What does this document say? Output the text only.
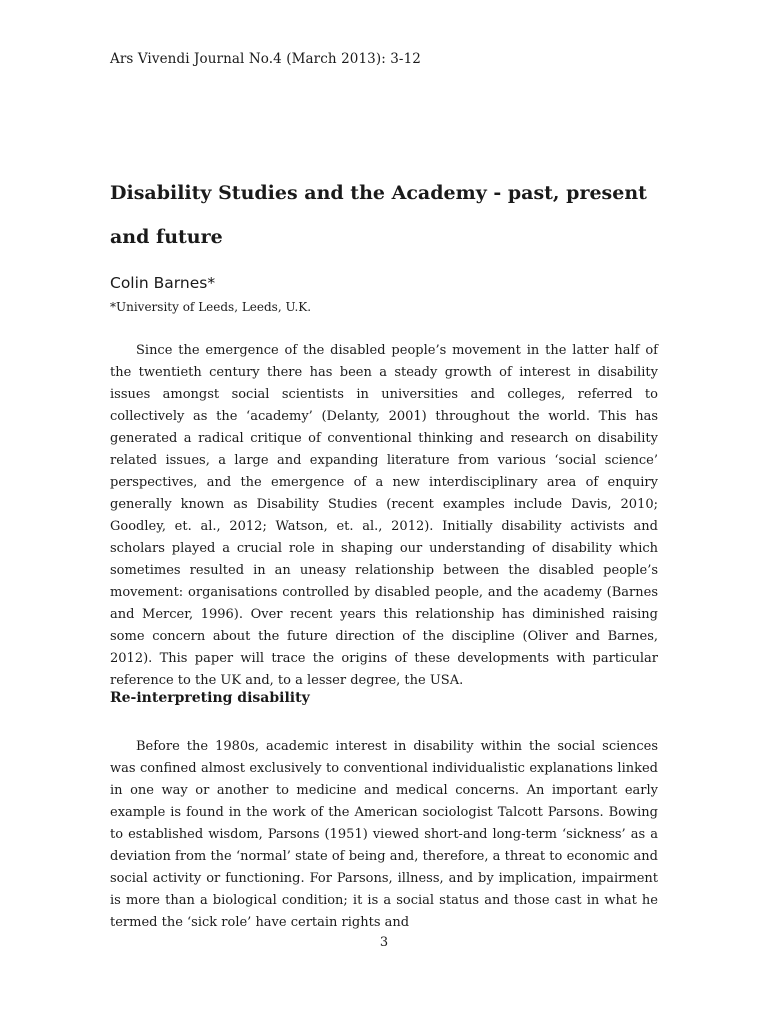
Ars Vivendi Journal No.4 (March 2013): 3-12
Disability Studies and the Academy - past, present and future
Colin Barnes*
*University of Leeds, Leeds, U.K.

Since the emergence of the disabled people’s movement in the latter half of the twentieth century there has been a steady growth of interest in disability issues amongst social scientists in universities and colleges, referred to collectively as the ‘academy’ (Delanty, 2001) throughout the world. This has generated a radical critique of conventional thinking and research on disability related issues, a large and expanding literature from various ‘social science’ perspectives, and the emergence of a new interdisciplinary area of enquiry generally known as Disability Studies (recent examples include Davis, 2010; Goodley, et. al., 2012; Watson, et. al., 2012). Initially disability activists and scholars played a crucial role in shaping our understanding of disability which sometimes resulted in an uneasy relationship between the disabled people’s movement: organisations controlled by disabled people, and the academy (Barnes and Mercer, 1996). Over recent years this relationship has diminished raising some concern about the future direction of the discipline (Oliver and Barnes, 2012). This paper will trace the origins of these developments with particular reference to the UK and, to a lesser degree, the USA.

Re-interpreting disability

Before the 1980s, academic interest in disability within the social sciences was confined almost exclusively to conventional individualistic explanations linked in one way or another to medicine and medical concerns. An important early example is found in the work of the American sociologist Talcott Parsons. Bowing to established wisdom, Parsons (1951) viewed short-and long-term ‘sickness’ as a deviation from the ‘normal’ state of being and, therefore, a threat to economic and social activity or functioning. For Parsons, illness, and by implication, impairment is more than a biological condition; it is a social status and those cast in what he termed the ‘sick role’ have certain rights and

3
